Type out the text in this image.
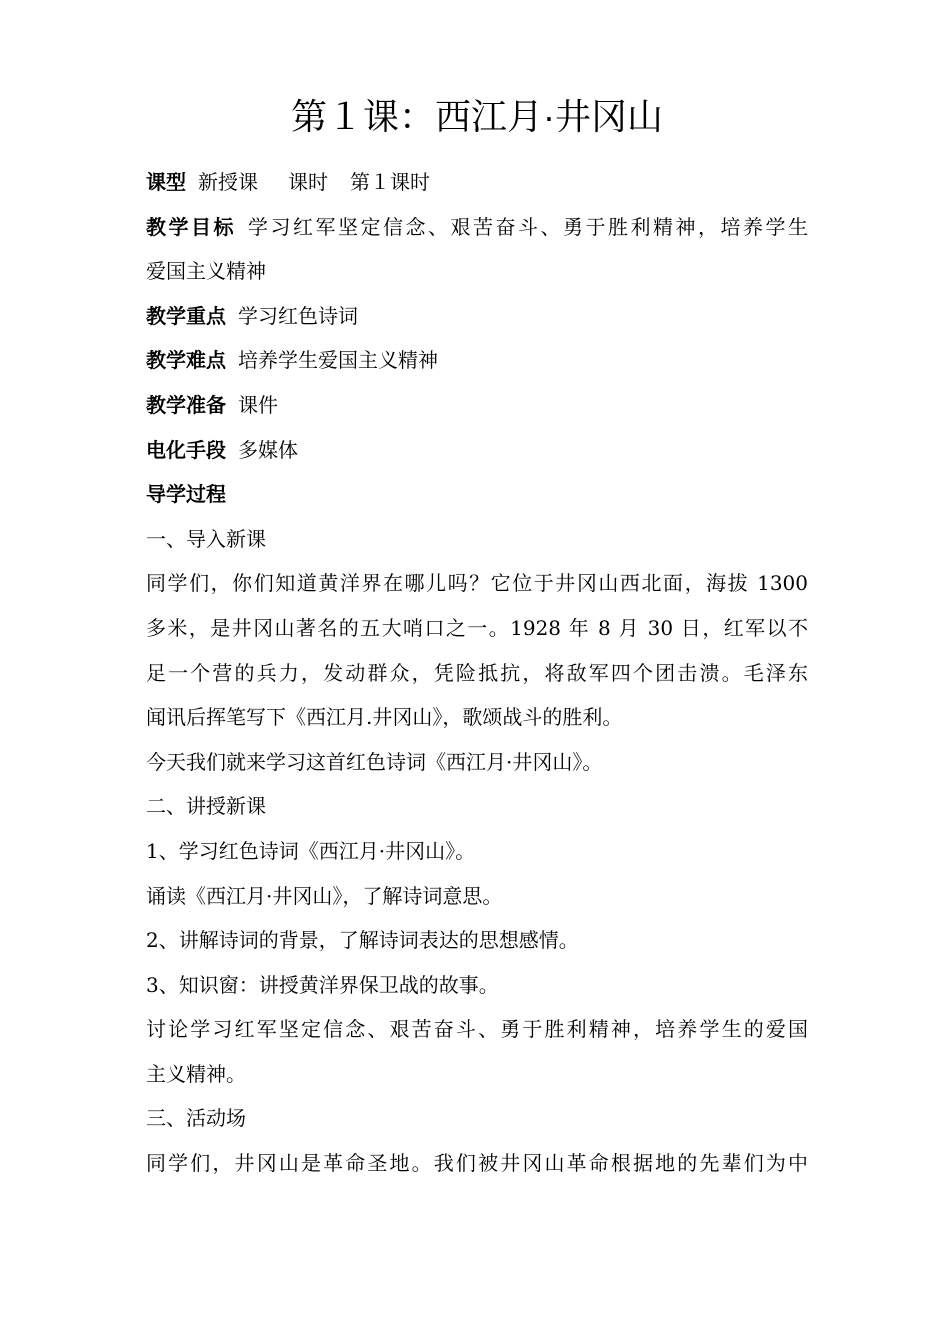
第１课：西江月·井冈山
课型 新授课 课时 第１课时
教学目标 学习红军坚定信念、艰苦奋斗、勇于胜利精神，培养学生
爱国主义精神
教学重点 学习红色诗词
教学难点 培养学生爱国主义精神
教学准备 课件
电化手段 多媒体
导学过程
一、导入新课
同学们，你们知道黄洋界在哪儿吗？它位于井冈山西北面，海拔 1300
多米，是井冈山著名的五大哨口之一。1928 年 8 月 30 日，红军以不
足一个营的兵力，发动群众，凭险抵抗，将敌军四个团击溃。毛泽东
闻讯后挥笔写下《西江月.井冈山》，歌颂战斗的胜利。
今天我们就来学习这首红色诗词《西江月·井冈山》。
二、讲授新课
1、学习红色诗词《西江月·井冈山》。
诵读《西江月·井冈山》，了解诗词意思。
2、讲解诗词的背景，了解诗词表达的思想感情。
3、知识窗：讲授黄洋界保卫战的故事。
讨论学习红军坚定信念、艰苦奋斗、勇于胜利精神，培养学生的爱国
主义精神。
三、活动场
同学们，井冈山是革命圣地。我们被井冈山革命根据地的先辈们为中
